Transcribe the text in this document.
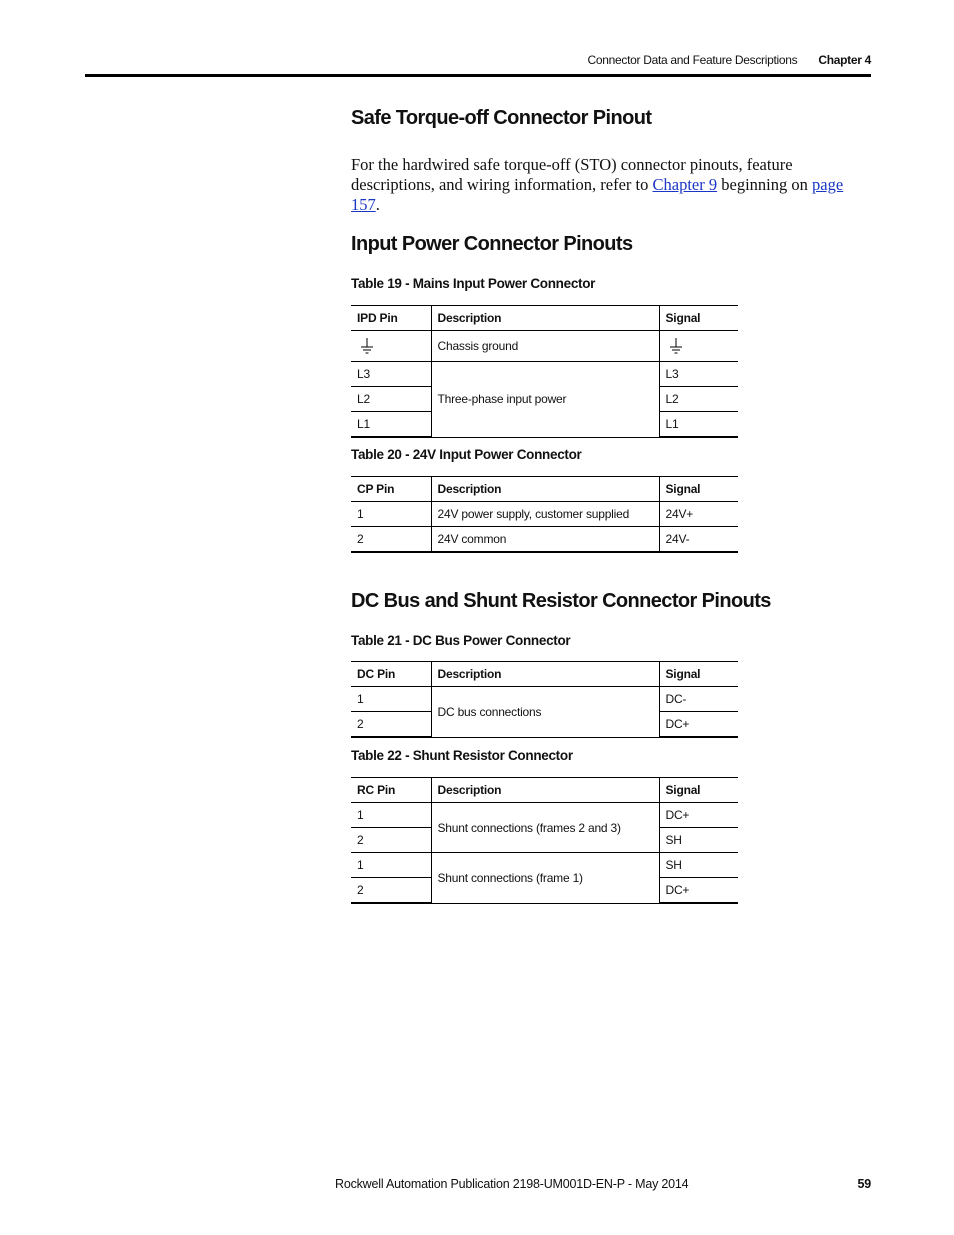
Connector Data and Feature Descriptions Chapter 4
Safe Torque-off Connector Pinout
For the hardwired safe torque-off (STO) connector pinouts, feature descriptions, and wiring information, refer to Chapter 9 beginning on page 157.
Input Power Connector Pinouts
Table 19 - Mains Input Power Connector
IPD Pin	Description	Signal
	Chassis ground	
L3	Three-phase input power	L3
L2		L2
L1		L1
Table 20 - 24V Input Power Connector
CP Pin	Description	Signal
1	24V power supply, customer supplied	24V+
2	24V common	24V-
DC Bus and Shunt Resistor Connector Pinouts
Table 21 - DC Bus Power Connector
DC Pin	Description	Signal
1	DC bus connections	DC-
2		DC+
Table 22 - Shunt Resistor Connector
RC Pin	Description	Signal
1	Shunt connections (frames 2 and 3)	DC+
2		SH
1	Shunt connections (frame 1)	SH
2		DC+
Rockwell Automation Publication 2198-UM001D-EN-P - May 2014	59
